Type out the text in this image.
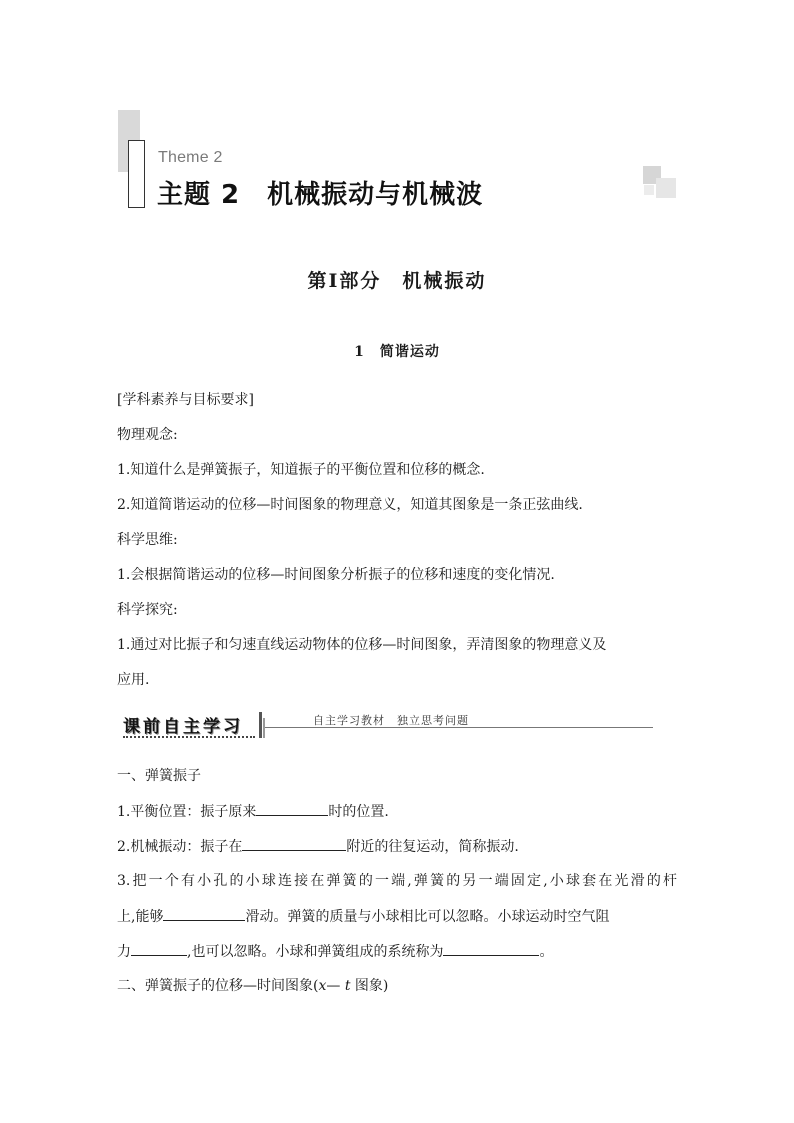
Theme 2
主题 2　机械振动与机械波
第Ⅰ部分　机械振动
1　简谐运动
[学科素养与目标要求]
物理观念:
1.知道什么是弹簧振子，知道振子的平衡位置和位移的概念.
2.知道简谐运动的位移—时间图象的物理意义，知道其图象是一条正弦曲线.
科学思维:
1.会根据简谐运动的位移—时间图象分析振子的位移和速度的变化情况.
科学探究:
1.通过对比振子和匀速直线运动物体的位移—时间图象，弄清图象的物理意义及
应用.
课前自主学习	自主学习教材　独立思考问题
一、弹簧振子
1.平衡位置：振子原来	时的位置.
2.机械振动：振子在	附近的往复运动，简称振动.
3.把一个有小孔的小球连接在弹簧的一端,弹簧的另一端固定,小球套在光滑的杆
上,能够	滑动。弹簧的质量与小球相比可以忽略。小球运动时空气阻
力	,也可以忽略。小球和弹簧组成的系统称为	。
二、弹簧振子的位移—时间图象(x— t 图象)
